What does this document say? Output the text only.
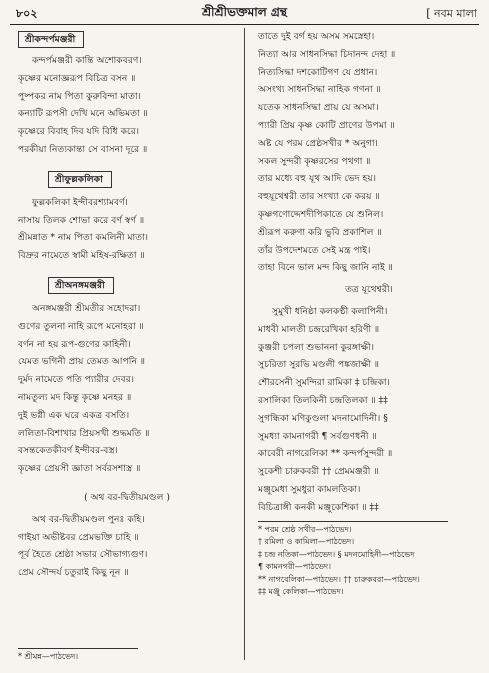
৮০২	শ্রীশ্রীভক্তমাল গ্রন্থ	[ নবম মালা
শ্রীকন্দর্পমঞ্জরী
কন্দর্পমঞ্জরী কান্তি অশোকবরণ।
কৃষ্ণের মনোজ্ঞরূপ বিচিত্র বসন ॥
পুষ্পকর নাম পিতা কুরুবিন্দা মাতা।
কন্যাটি রূপসী দেখি মনে অভিমতা ॥
কৃষ্ণেরে বিবাহ দিব যদি বিধি করে।
পরকীয়া নিত্যকান্তা সে বাসনা দূরে ॥
শ্রীফুল্লকলিকা
ফুল্লকলিকা ইন্দীবরশ্যামবর্ণ।
নাসায় তিলক শোভা করে বর্ণ স্বর্ণ ॥
শ্রীমন্নাত * নাম পিতা কমলিনী মাতা।
বিদ্রুর নামেতে স্বামী মহিষ-রক্ষিতা ॥
শ্রীঅনঙ্গমঞ্জরী
অনঙ্গমঞ্জরী শ্রীমতীর সহোদরা।
গুণের তুলনা নাহি রূপে মনোহরা ॥
বর্ণন না হয় রূপ-গুণের কাহিনী।
যেমত ভগিনী প্রায় তেমত আপনি ॥
দুর্মদ নামেতে পতি প্যারীর দেবর।
নামতুল্য মদ কিন্তু কৃষ্ণে মনহর ॥
দুই ভগ্নী এক ঘরে একত্র বসতি।
ললিতা-বিশাখার প্রিয়সখী শুদ্ধমতি ॥
বসন্তকেতকীবর্ণ ইন্দীবর-বস্ত্র।
কৃষ্ণের প্রেয়সী জ্ঞাতা সর্বরসশাস্ত্র ॥
( অথ বর-দ্বিতীয়মণ্ডল )
অথ বর-দ্বিতীয়মণ্ডল পুনঃ কহি।
গাইয়া অভীষ্টবর প্রেমভক্তি চাহি ॥
পূর্ব হৈতে শ্রেষ্ঠা সভার সৌভাগ্যগুণ।
প্রেম সৌন্দর্য চতুরাই কিছু নূন ॥
* শ্রীমন্ন—পাঠভেদ।
তাতে দুই বর্গ হয় অসম সমস্নেহা।
নিত্যা আর সাধনসিদ্ধা চিদানন্দ দেহা ॥
নিত্যসিদ্ধা দশকোটিগণ যে প্রধান।
অসংখ্য সাধনসিদ্ধা নাহিক গণনা ॥
যতেক সাধনসিদ্ধা প্রায় যে অসমা।
প্যারী প্রিয় কৃষ্ণ কোটি প্রাণের উপমা ॥
অষ্ট যে পরম প্রেষ্ঠসখীর * অনুগা।
সকল সুন্দরী কৃষ্ণরসের পথগা ॥
তার মধ্যে বহু যূথ আদি ভেদ হয়।
বহুযূথেশ্বরী তার সংখ্যা কে করয় ॥
কৃষ্ণগণোদ্দেশদীপিকাতে যে শুনিল।
শ্রীরূপ করুণা করি ভুবি প্রকাশিল ॥
তাঁর উপদেশমতে সেই মন্ত্র পাই।
তাহা বিনে ভাল মন্দ কিছু জানি নাই ॥
তত্র যূথেশ্বরী।
সুমুখী ধনিষ্ঠা কলকণ্ঠী কলাপিনী।
মাধবী মালতী চন্দ্ররেখিকা হরিণী ॥
কুঞ্জরী চপলা শুভাননা কুরঙ্গাক্ষী।
সুচরিতা সুরভি মণ্ডলী পঙ্কজাক্ষী ॥
শৌরসেনী সুমন্দিরা রামিকা ‡ চন্দ্রিকা।
রসালিকা তিলকিনী চন্দ্রতিলকা ॥ ‡‡
সুগন্ধিকা মণিকুণ্ডলা মদনামোদিনী। §
সুমধ্যা কামনাগরী ¶ সর্বগুণধনী ॥
কাবেরী নাগরেলিকা ** কন্দর্পসুন্দরী ॥
সুকেশী চারুকবরী †† প্রেমমঞ্জরী ॥
মঞ্জুমেধা সুমধুরা কামলতিকা।
বিচিত্রাঙ্গী কনকী মঞ্জুকেশিকা ॥ ‡‡
* পরম শ্রেষ্ঠ সখীর—পাঠভেদ।
† রমিলা ও কামিলা—পাঠভেদ।
‡ চন্দ্র নতিকা—পাঠভেদ। § মদনমোহিনী—পাঠভেদ
¶ কামনগরী—পাঠভেদ।
** নাগবেলিকা—পাঠভেদ। †† চারুকবরা—পাঠভেদ।
‡‡ মঞ্জু কেলিকা—পাঠভেদ।
